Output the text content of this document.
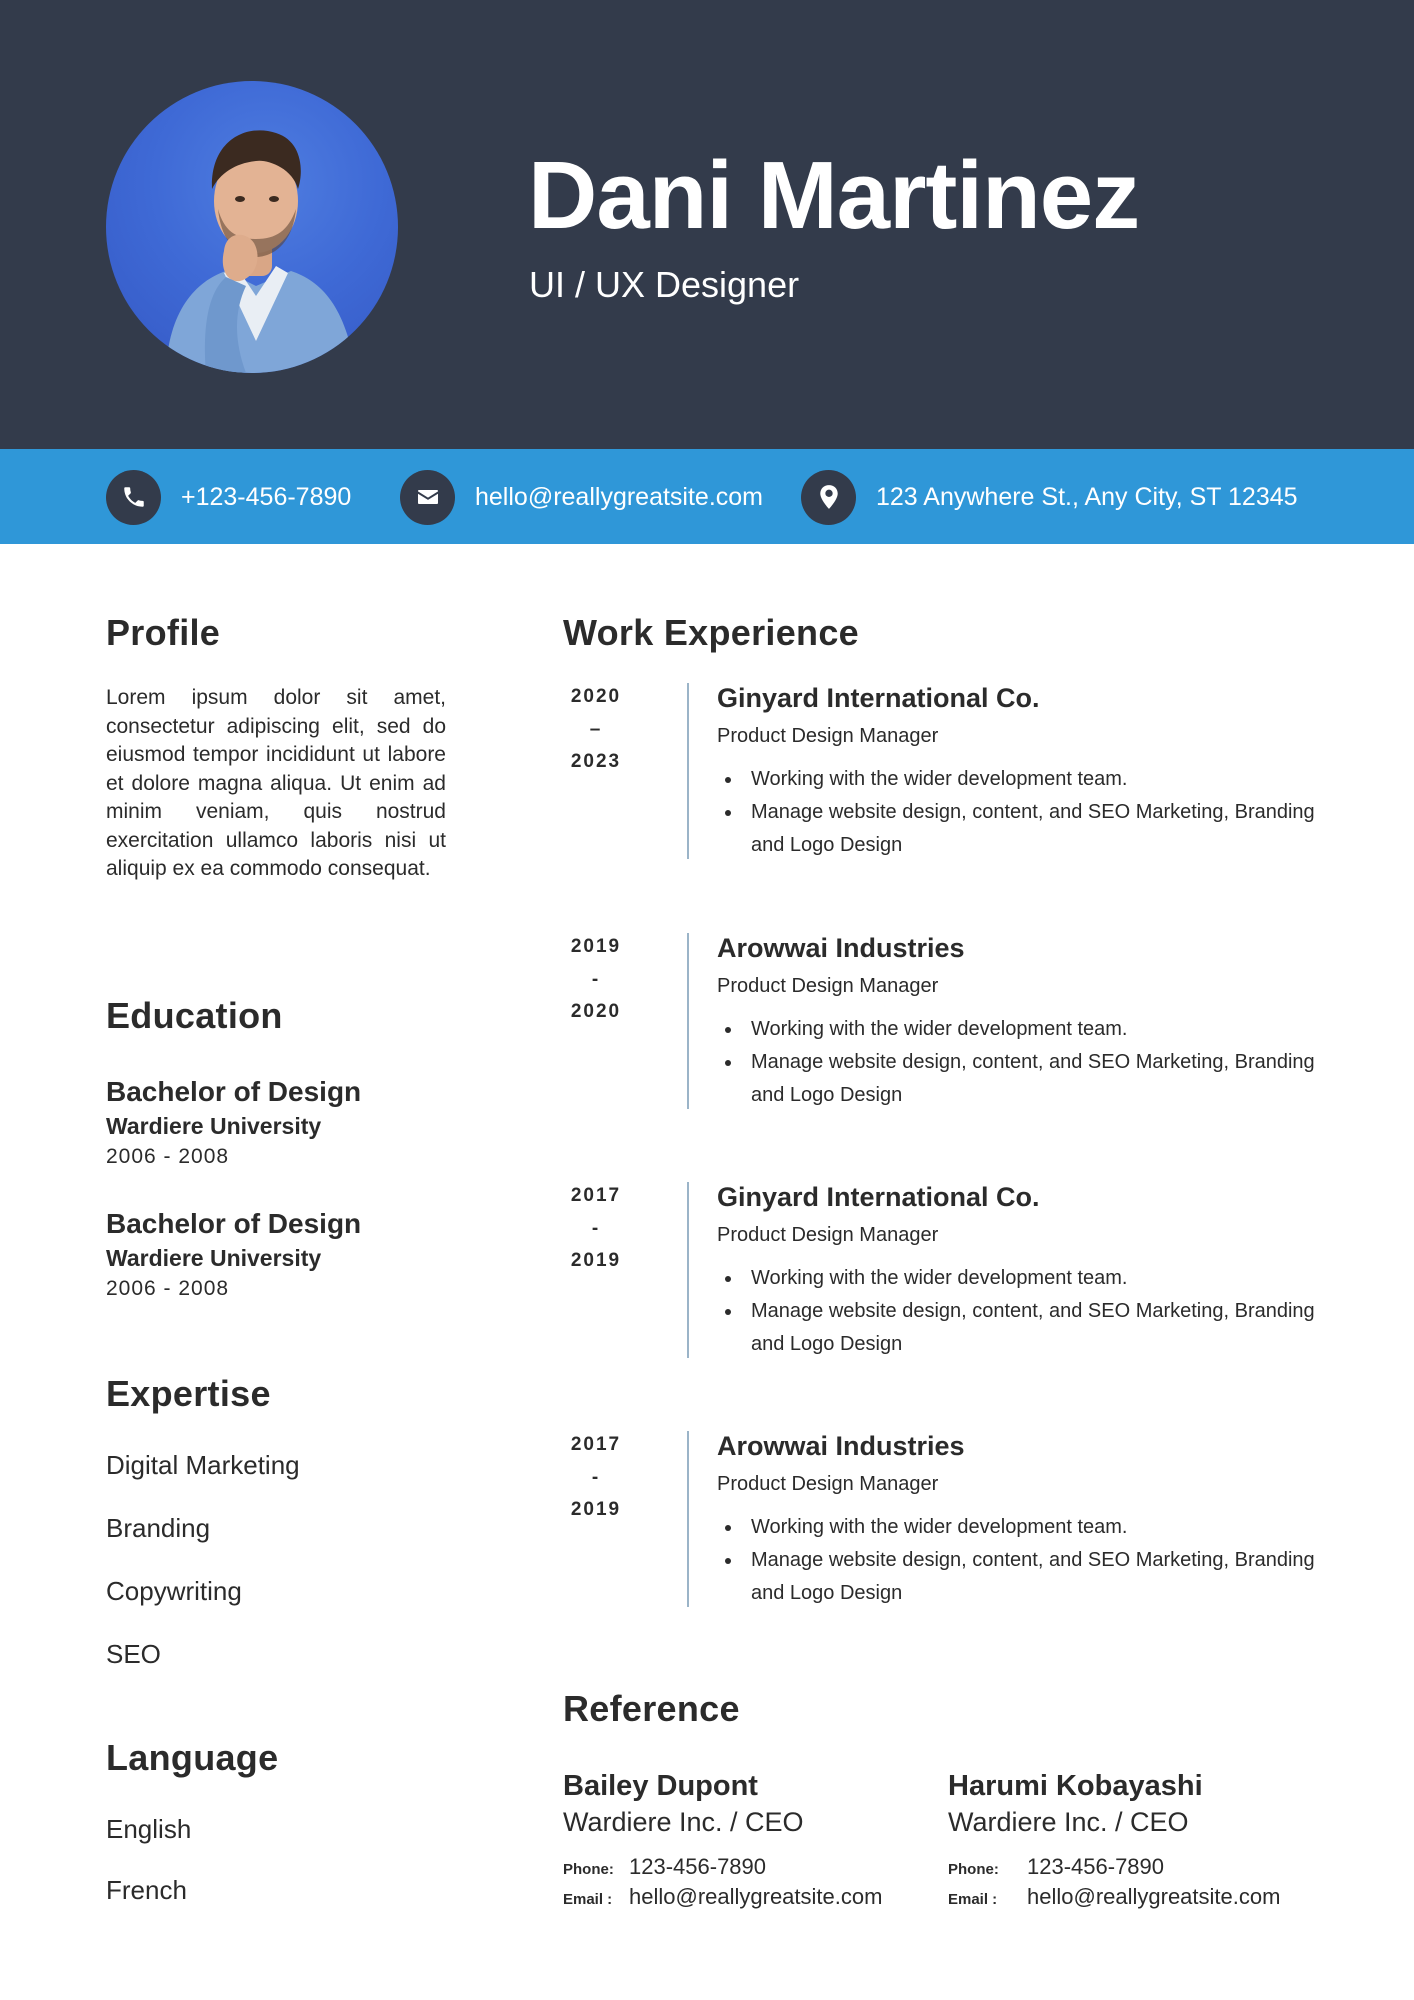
Dani Martinez
UI / UX Designer
+123-456-7890	hello@reallygreatsite.com	123 Anywhere St., Any City, ST 12345
Profile

Lorem ipsum dolor sit amet, consectetur adipiscing elit, sed do eiusmod tempor incididunt ut labore et dolore magna aliqua. Ut enim ad minim veniam, quis nostrud exercitation ullamco laboris nisi ut aliquip ex ea commodo consequat.

Education
Bachelor of Design
Wardiere University
2006 - 2008
Bachelor of Design
Wardiere University
2006 - 2008
Expertise
Digital Marketing
Branding
Copywriting
SEO
Language
English
French
Work Experience
2020
–
2023
Ginyard International Co.
Product Design Manager
Working with the wider development team.
Manage website design, content, and SEO Marketing, Branding and Logo Design
2019
-
2020
Arowwai Industries
Product Design Manager
Working with the wider development team.
Manage website design, content, and SEO Marketing, Branding and Logo Design
2017
-
2019
Ginyard International Co.
Product Design Manager
Working with the wider development team.
Manage website design, content, and SEO Marketing, Branding and Logo Design
2017
-
2019
Arowwai Industries
Product Design Manager
Working with the wider development team.
Manage website design, content, and SEO Marketing, Branding and Logo Design
Reference
Bailey Dupont
Wardiere Inc. / CEO
Phone: 123-456-7890
Email : hello@reallygreatsite.com
Harumi Kobayashi
Wardiere Inc. / CEO
Phone:	123-456-7890
Email :	hello@reallygreatsite.com
